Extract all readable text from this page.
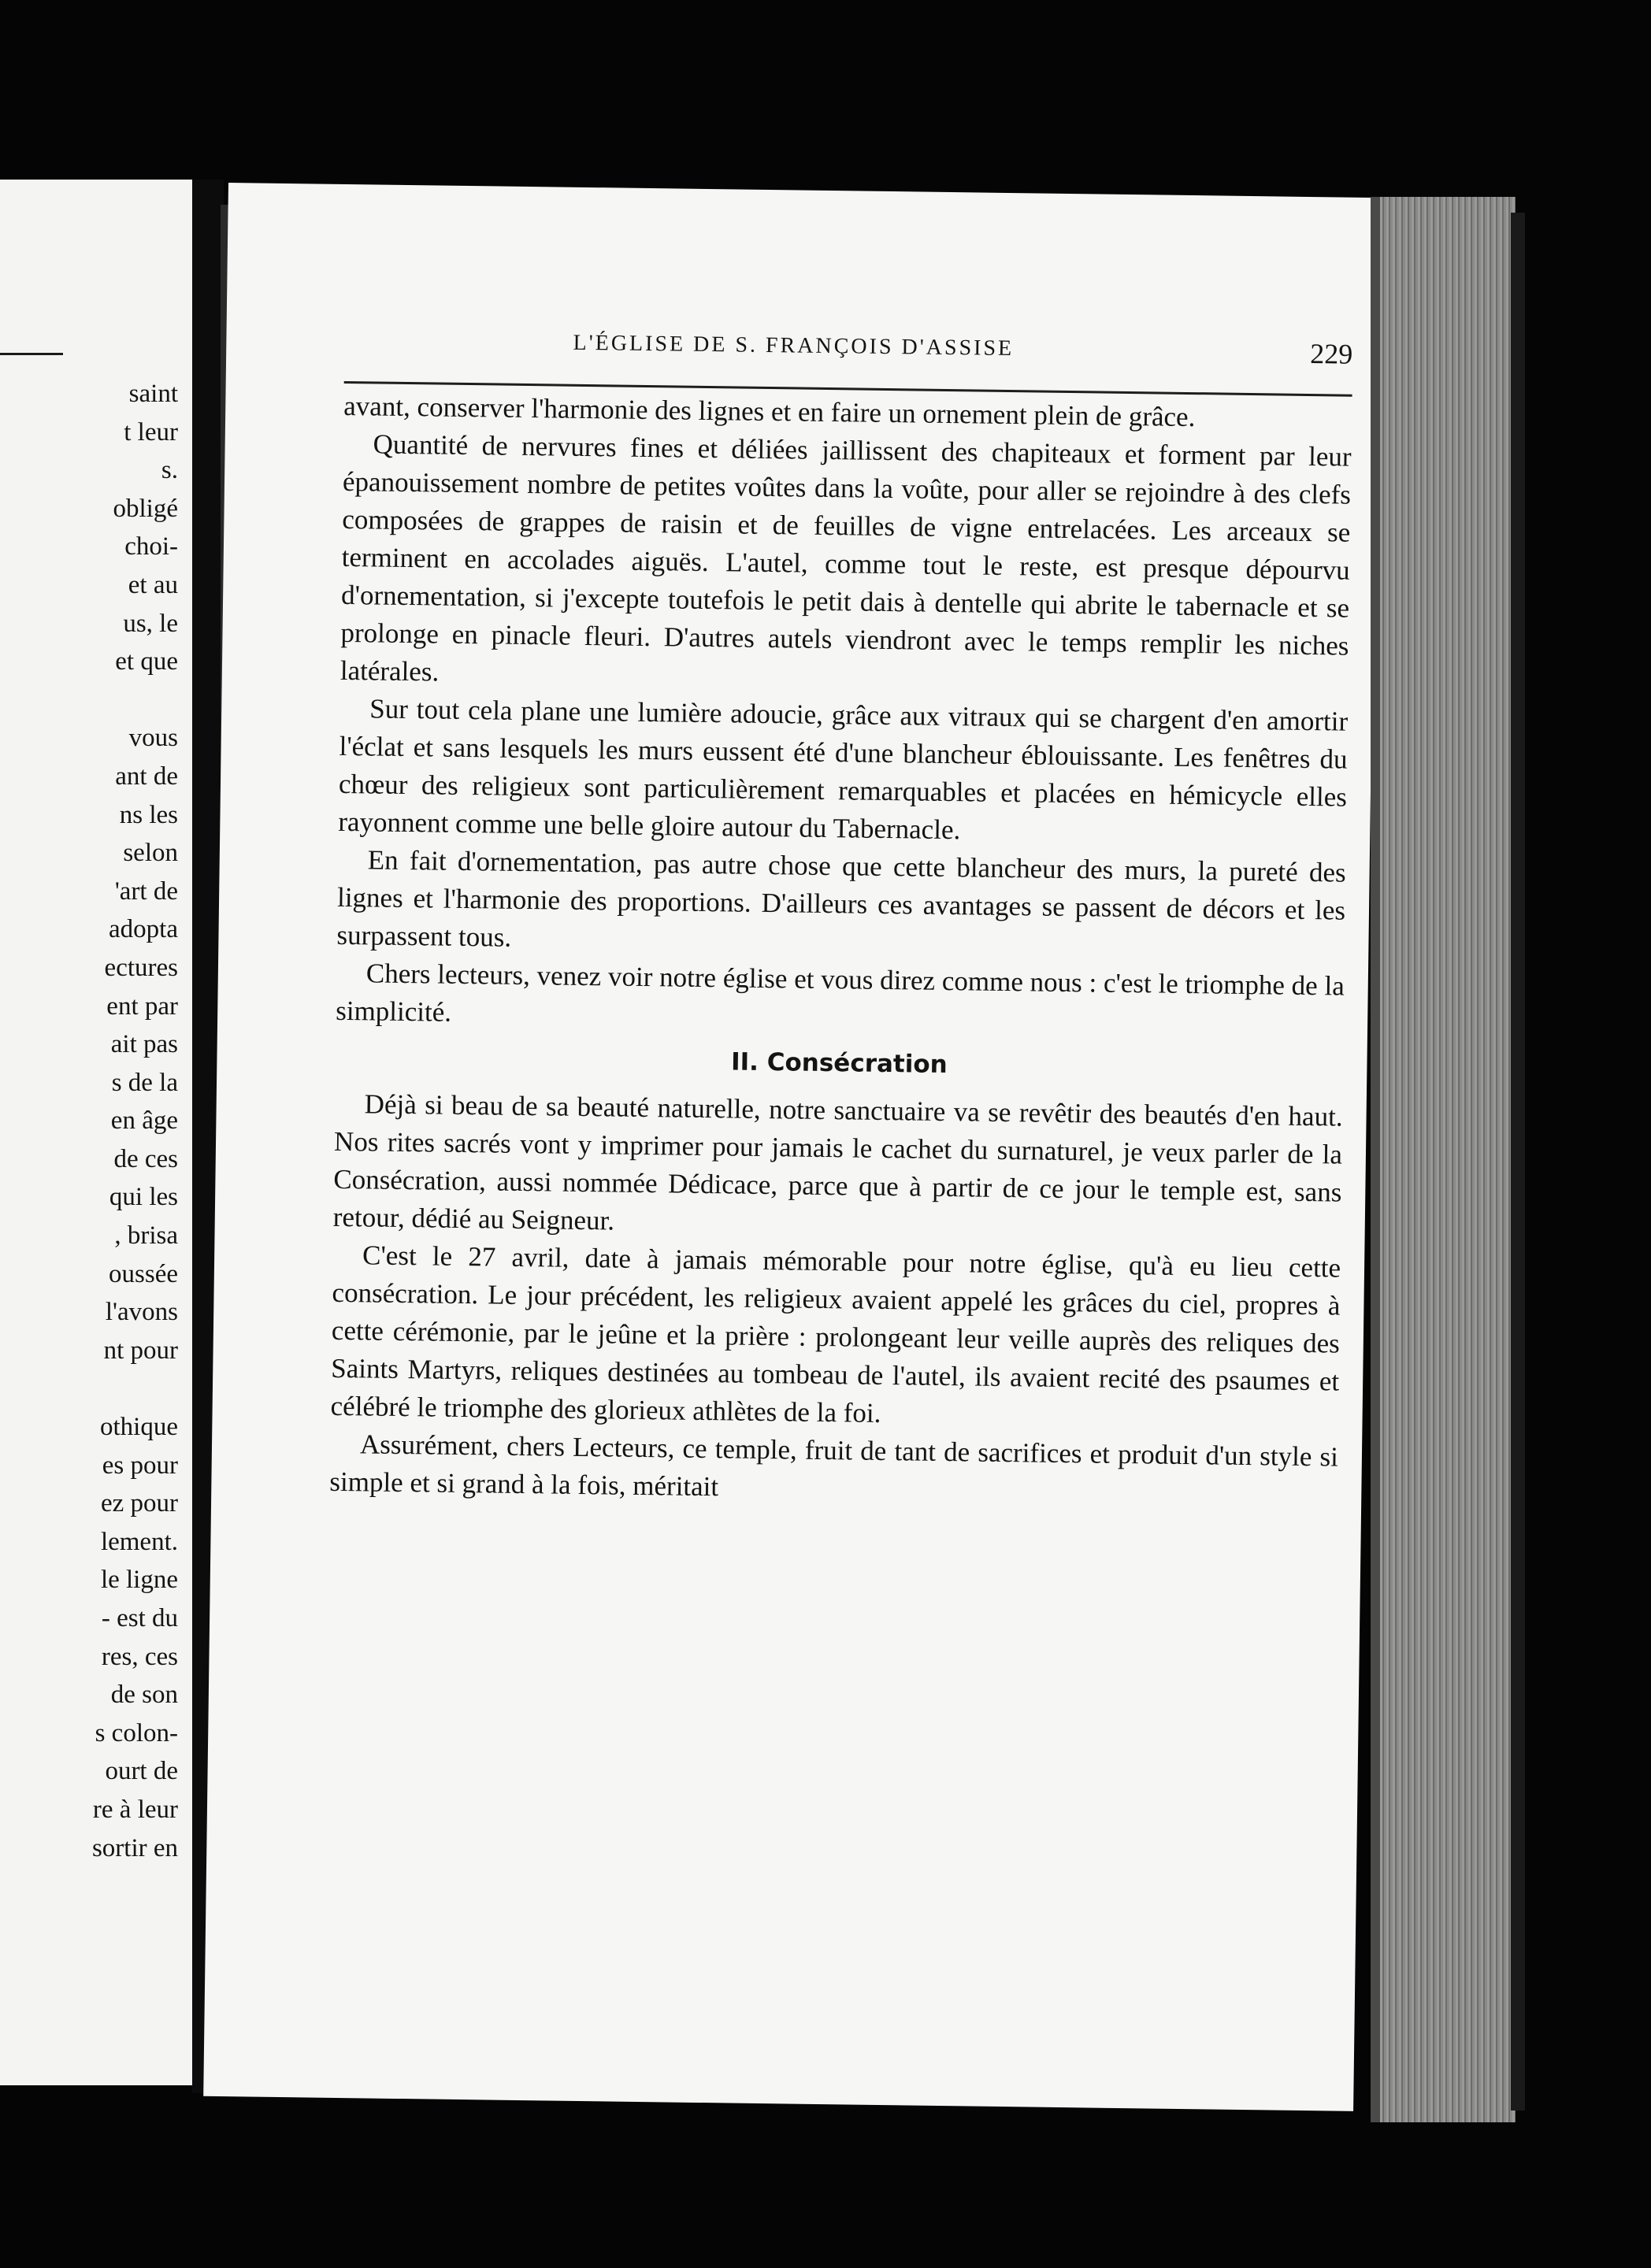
saint
t leur
s.
obligé
choi-
et au
us, le
et que
vous
ant de
ns les
selon
'art de
adopta
ectures
ent par
ait pas
s de la
en âge
de ces
qui les
, brisa
oussée
l'avons
nt pour
othique
es pour
ez pour
lement.
le ligne
- est du
res, ces
de son
s colon-
ourt de
re à leur
sortir en
L'ÉGLISE DE S. FRANÇOIS D'ASSISE	229

avant, conserver l'harmonie des lignes et en faire un ornement plein de grâce.

Quantité de nervures fines et déliées jaillissent des chapiteaux et forment par leur épanouissement nombre de petites voûtes dans la voûte, pour aller se rejoindre à des clefs composées de grappes de raisin et de feuilles de vigne entrelacées. Les arceaux se terminent en accolades aiguës. L'autel, comme tout le reste, est presque dépourvu d'ornementation, si j'excepte toutefois le petit dais à dentelle qui abrite le tabernacle et se prolonge en pinacle fleuri. D'autres autels viendront avec le temps remplir les niches latérales.

Sur tout cela plane une lumière adoucie, grâce aux vitraux qui se chargent d'en amortir l'éclat et sans lesquels les murs eussent été d'une blancheur éblouissante. Les fenêtres du chœur des religieux sont particulièrement remarquables et placées en hémicycle elles rayonnent comme une belle gloire autour du Tabernacle.

En fait d'ornementation, pas autre chose que cette blancheur des murs, la pureté des lignes et l'harmonie des proportions. D'ailleurs ces avantages se passent de décors et les surpassent tous.

Chers lecteurs, venez voir notre église et vous direz comme nous : c'est le triomphe de la simplicité.

II. Consécration

Déjà si beau de sa beauté naturelle, notre sanctuaire va se revêtir des beautés d'en haut. Nos rites sacrés vont y imprimer pour jamais le cachet du surnaturel, je veux parler de la Consécration, aussi nommée Dédicace, parce que à partir de ce jour le temple est, sans retour, dédié au Seigneur.

C'est le 27 avril, date à jamais mémorable pour notre église, qu'à eu lieu cette consécration. Le jour précédent, les religieux avaient appelé les grâces du ciel, propres à cette cérémonie, par le jeûne et la prière : prolongeant leur veille auprès des reliques des Saints Martyrs, reliques destinées au tombeau de l'autel, ils avaient recité des psaumes et célébré le triomphe des glorieux athlètes de la foi.

Assurément, chers Lecteurs, ce temple, fruit de tant de sacrifices et produit d'un style si simple et si grand à la fois, méritait
